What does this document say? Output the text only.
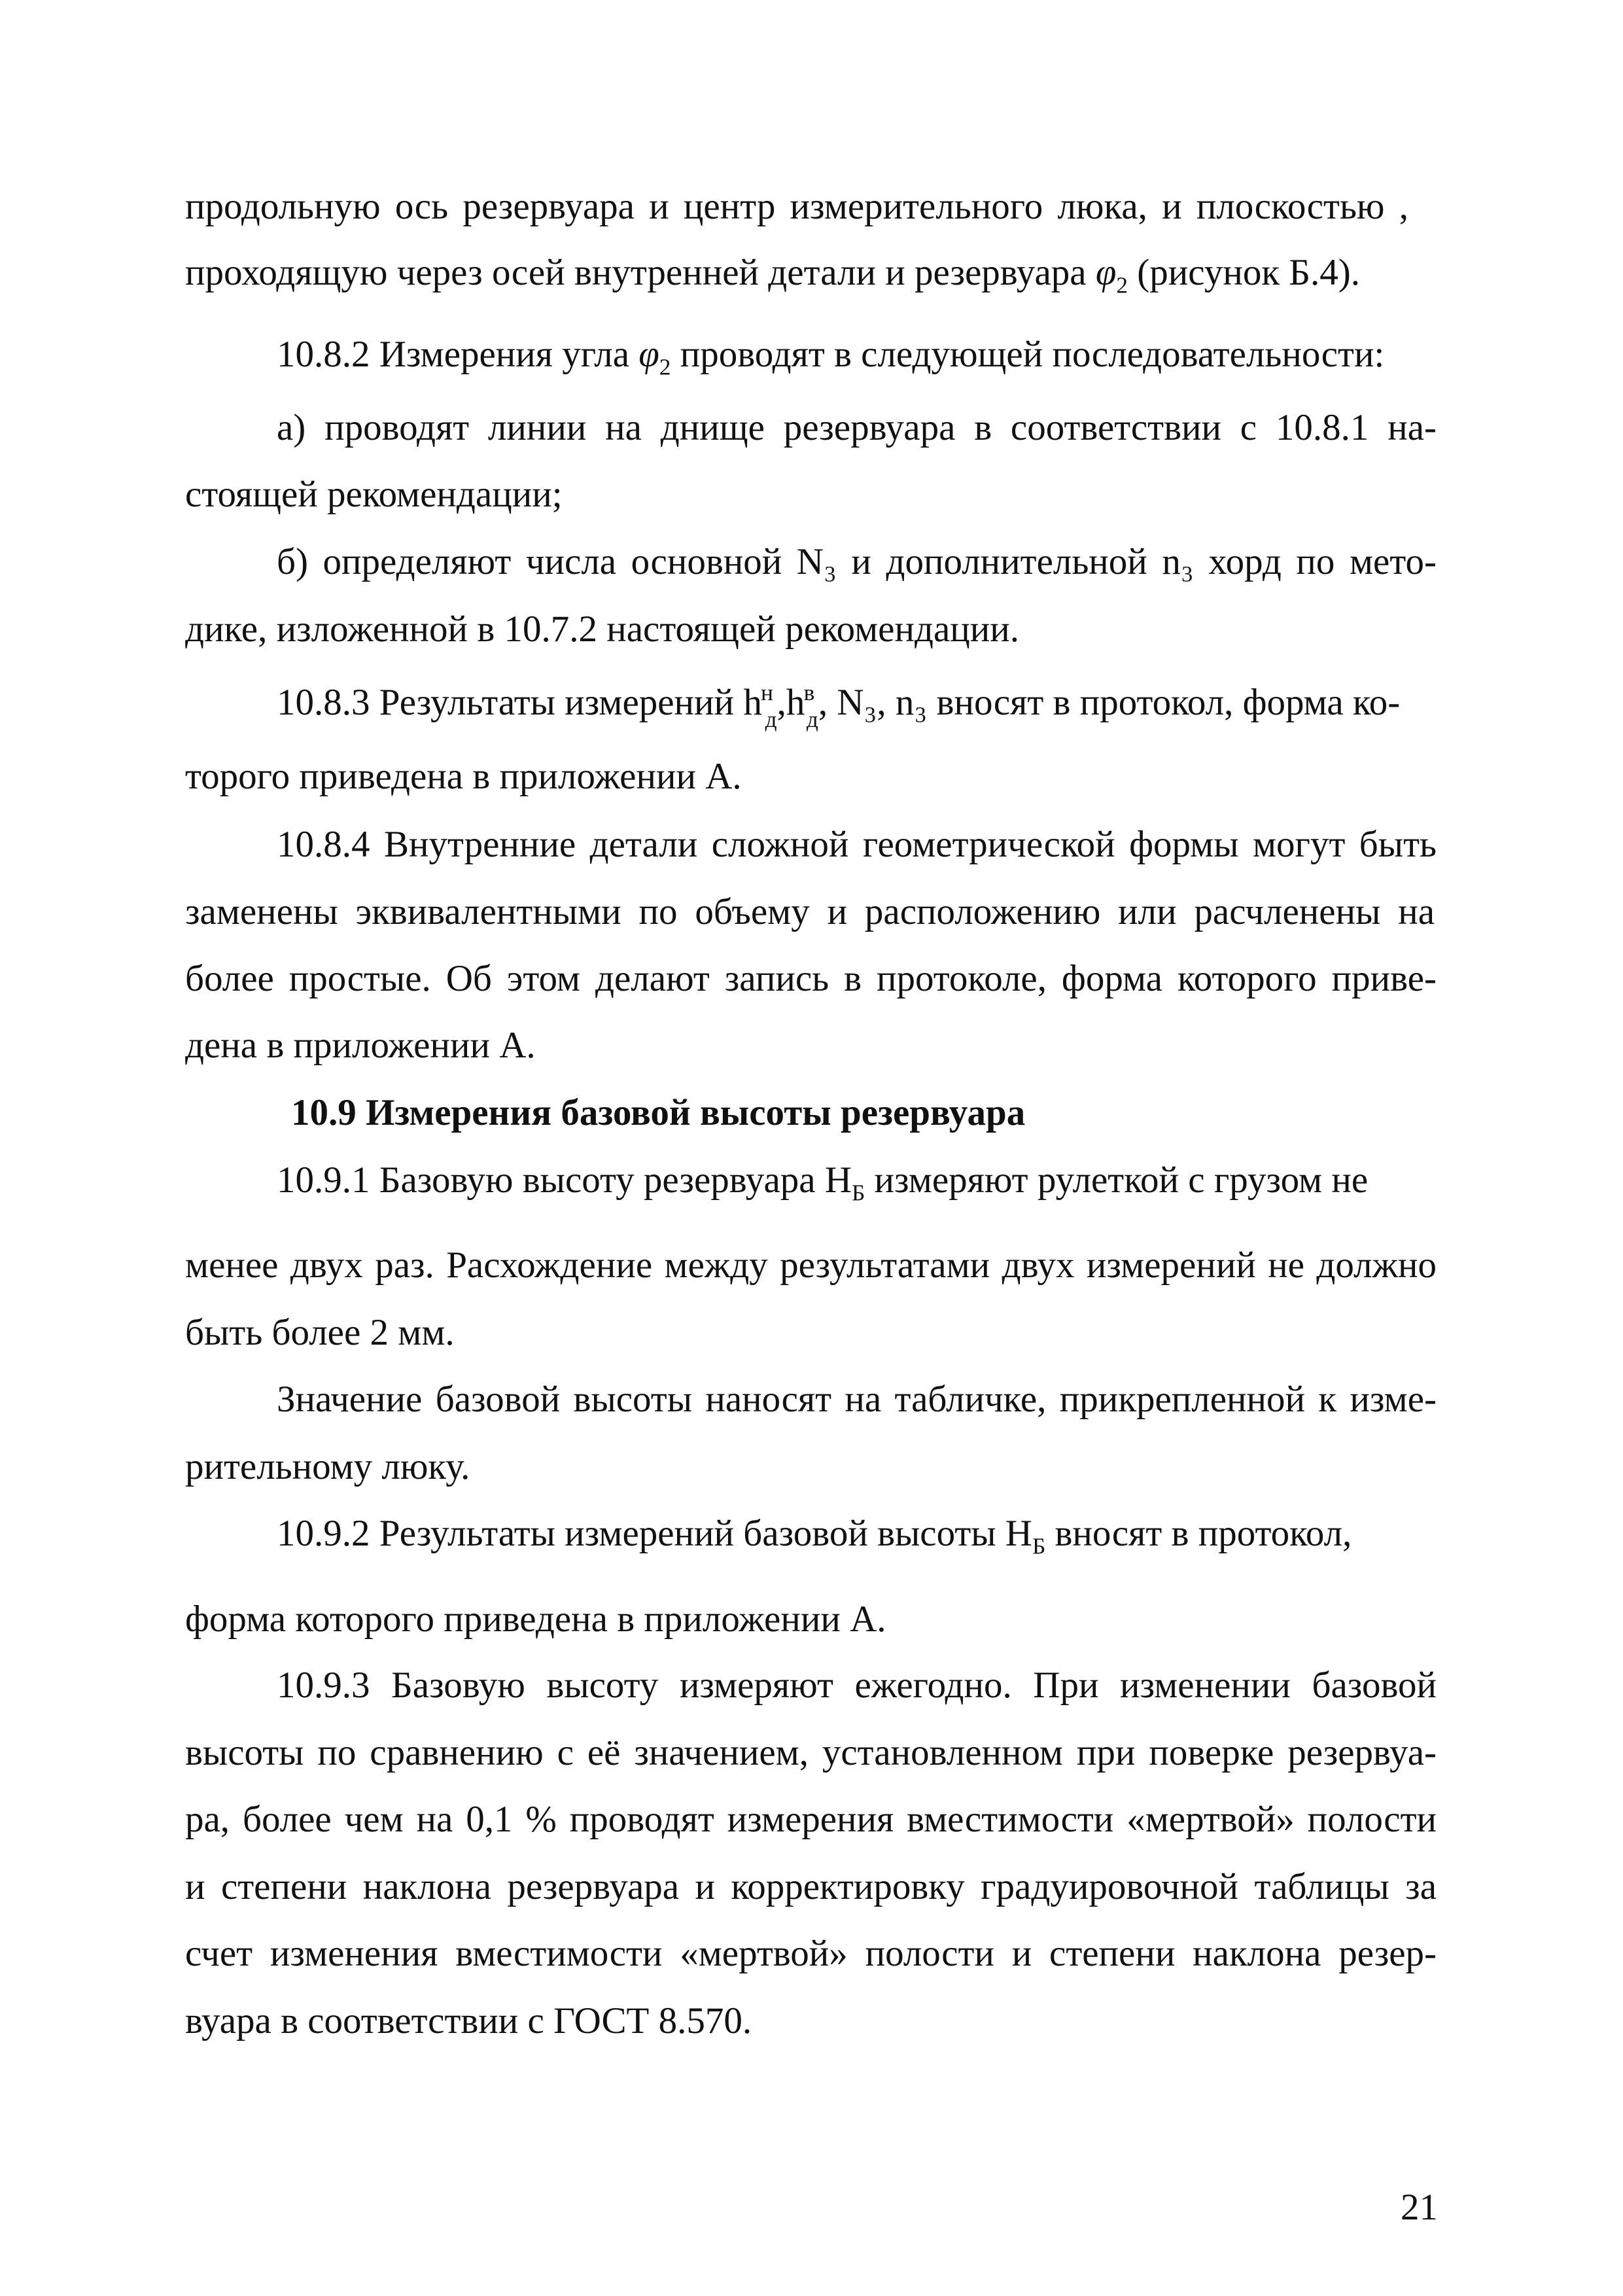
продольную ось резервуара и центр измерительного люка, и плоскостью ,

проходящую через осей внутренней детали и резервуара $\varphi_2$ (рисунок Б.4).

10.8.2 Измерения угла $\varphi_2$ проводят в следующей последовательности:

а) проводят линии на днище резервуара в соответствии с 10.8.1 на-

стоящей рекомендации;

б) определяют числа основной N₃ и дополнительной n₃ хорд по мето-

дике, изложенной в 10.7.2 настоящей рекомендации.

10.8.3 Результаты измерений $h^н_д,h^в_д$, N₃, n₃ вносят в протокол, форма ко-

торого приведена в приложении А.

10.8.4 Внутренние детали сложной геометрической формы могут быть

заменены эквивалентными по объему и расположению или расчленены на

более простые. Об этом делают запись в протоколе, форма которого приве-

дена в приложении А.

10.9 Измерения базовой высоты резервуара

10.9.1 Базовую высоту резервуара $H_Б$ измеряют рулеткой с грузом не

менее двух раз. Расхождение между результатами двух измерений не должно

быть более 2 мм.

Значение базовой высоты наносят на табличке, прикрепленной к изме-

рительному люку.

10.9.2 Результаты измерений базовой высоты $H_Б$ вносят в протокол,

форма которого приведена в приложении А.

10.9.3 Базовую высоту измеряют ежегодно. При изменении базовой

высоты по сравнению с её значением, установленном при поверке резервуа-

ра, более чем на 0,1 % проводят измерения вместимости «мертвой» полости

и степени наклона резервуара и корректировку градуировочной таблицы за

счет изменения вместимости «мертвой» полости и степени наклона резер-

вуара в соответствии с ГОСТ 8.570.

21
